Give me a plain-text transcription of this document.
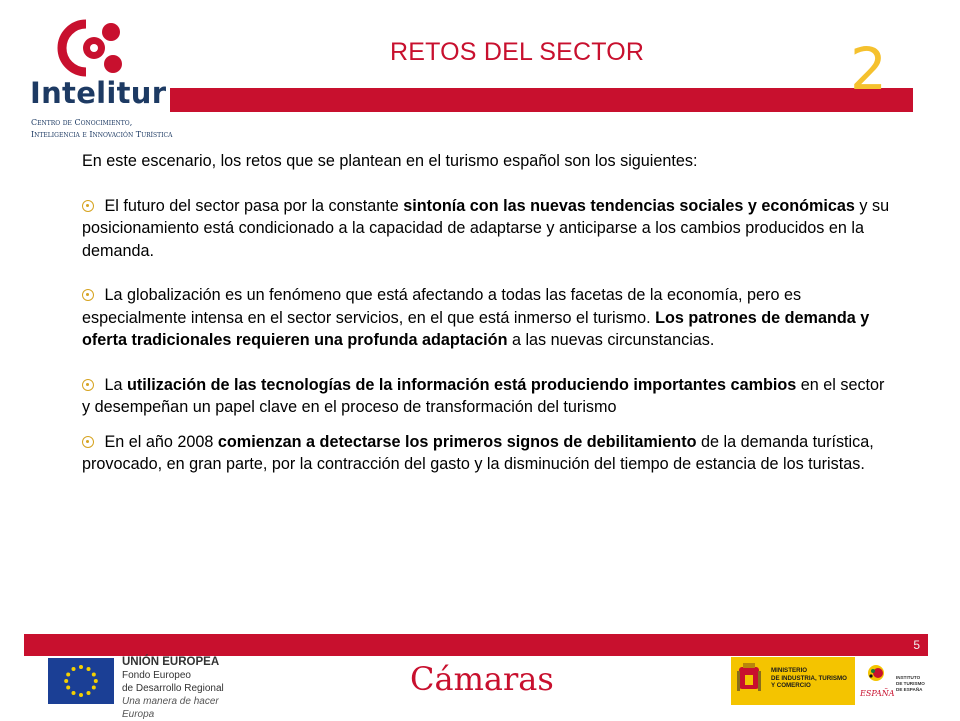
Intelitur
Centro de Conocimiento,
Inteligencia e Innovación Turística
RETOS DEL SECTOR	2

En este escenario, los retos que se plantean en el turismo español son los siguientes:

El futuro del sector pasa por la constante sintonía con las nuevas tendencias sociales y económicas y su posicionamiento está condicionado a la capacidad de adaptarse y anticiparse a los cambios producidos en la demanda.

La globalización es un fenómeno que está afectando a todas las facetas de la economía, pero es especialmente intensa en el sector servicios, en el que está inmerso el turismo. Los patrones de demanda y oferta tradicionales requieren una profunda adaptación a las nuevas circunstancias.

La utilización de las tecnologías de la información está produciendo importantes cambios en el sector y desempeñan un papel clave en el proceso de transformación del turismo

En el año 2008 comienzan a detectarse los primeros signos de debilitamiento de la demanda turística, provocado, en gran parte, por la contracción del gasto y la disminución del tiempo de estancia de los turistas.

5
UNIÓN EUROPEA
Fondo Europeo
de Desarrollo Regional
Una manera de hacer Europa
Cámaras	MINISTERIO
DE INDUSTRIA, TURISMO
Y COMERCIO
ESPAÑA
INSTITUTO
DE TURISMO
DE ESPAÑA
